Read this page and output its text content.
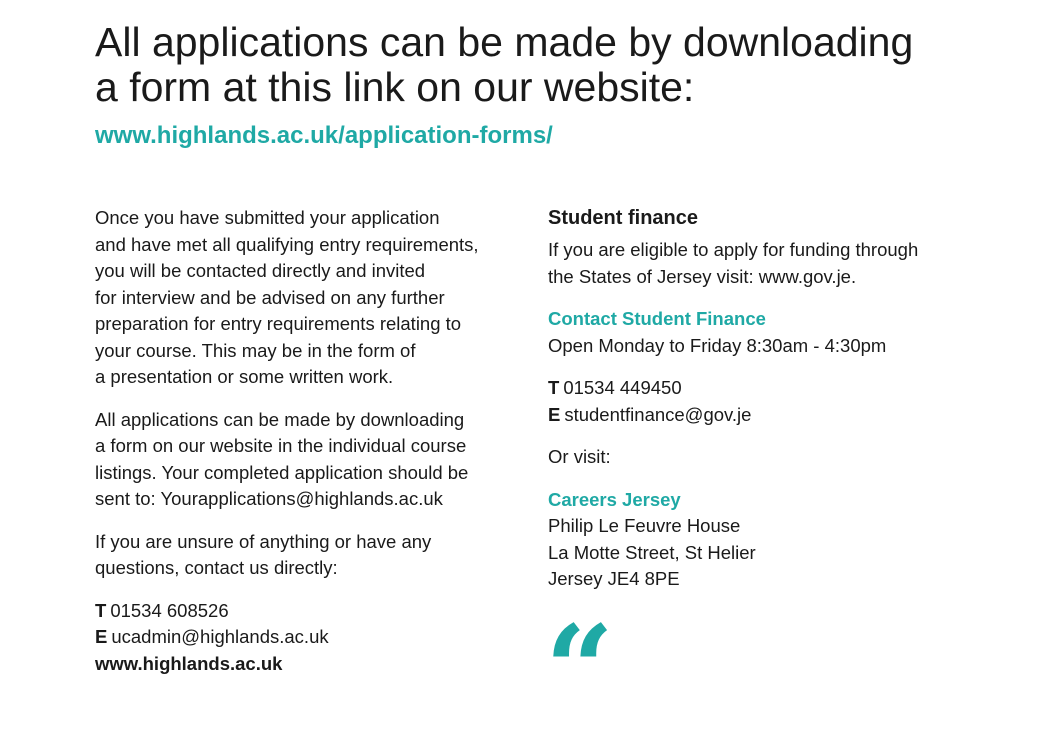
All applications can be made by downloading
a form at this link on our website:
www.highlands.ac.uk/application-forms/

Once you have submitted your application
and have met all qualifying entry requirements,
you will be contacted directly and invited
for interview and be advised on any further
preparation for entry requirements relating to
your course. This may be in the form of
a presentation or some written work.

All applications can be made by downloading
a form on our website in the individual course
listings. Your completed application should be
sent to: Yourapplications@highlands.ac.uk

If you are unsure of anything or have any
questions, contact us directly:

T 01534 608526
E ucadmin@highlands.ac.uk
www.highlands.ac.uk

Student finance

If you are eligible to apply for funding through
the States of Jersey visit: www.gov.je.

Contact Student Finance
Open Monday to Friday 8:30am - 4:30pm

T 01534 449450
E studentfinance@gov.je

Or visit:

Careers Jersey
Philip Le Feuvre House
La Motte Street, St Helier
Jersey JE4 8PE

“
